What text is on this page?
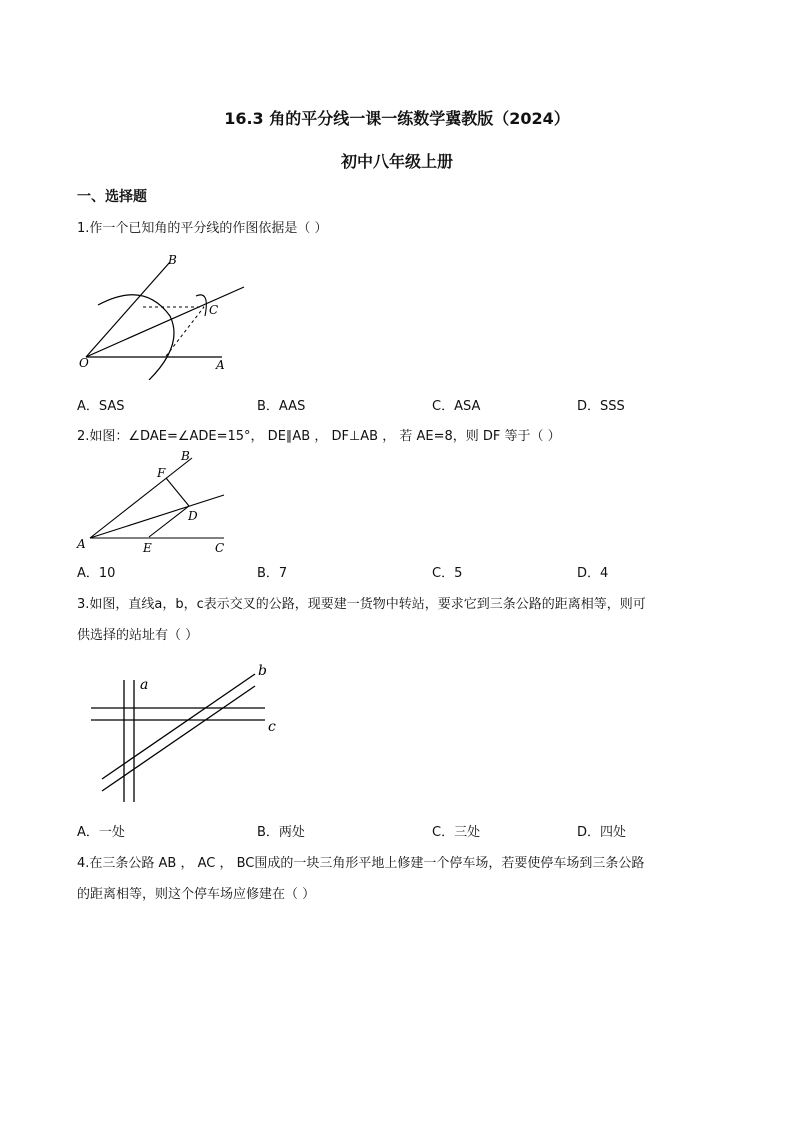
16.3 角的平分线一课一练数学冀教版（2024）
初中八年级上册
一、选择题
1.作一个已知角的平分线的作图依据是（ ）
B
C
O	A
A．SAS	B．AAS	C．ASA	D．SSS
2.如图：∠DAE=∠ADE=15°， DE∥AB ， DF⊥AB ， 若 AE=8，则 DF 等于（ ）
B
F
D
A	E	C
A．10	B．7	C．5	D．4
3.如图，直线a，b，c表示交叉的公路，现要建一货物中转站，要求它到三条公路的距离相等，则可
供选择的站址有（ ）
a
b
c
A．一处	B．两处	C．三处	D．四处
4.在三条公路 AB ， AC ， BC围成的一块三角形平地上修建一个停车场，若要使停车场到三条公路
的距离相等，则这个停车场应修建在（ ）
